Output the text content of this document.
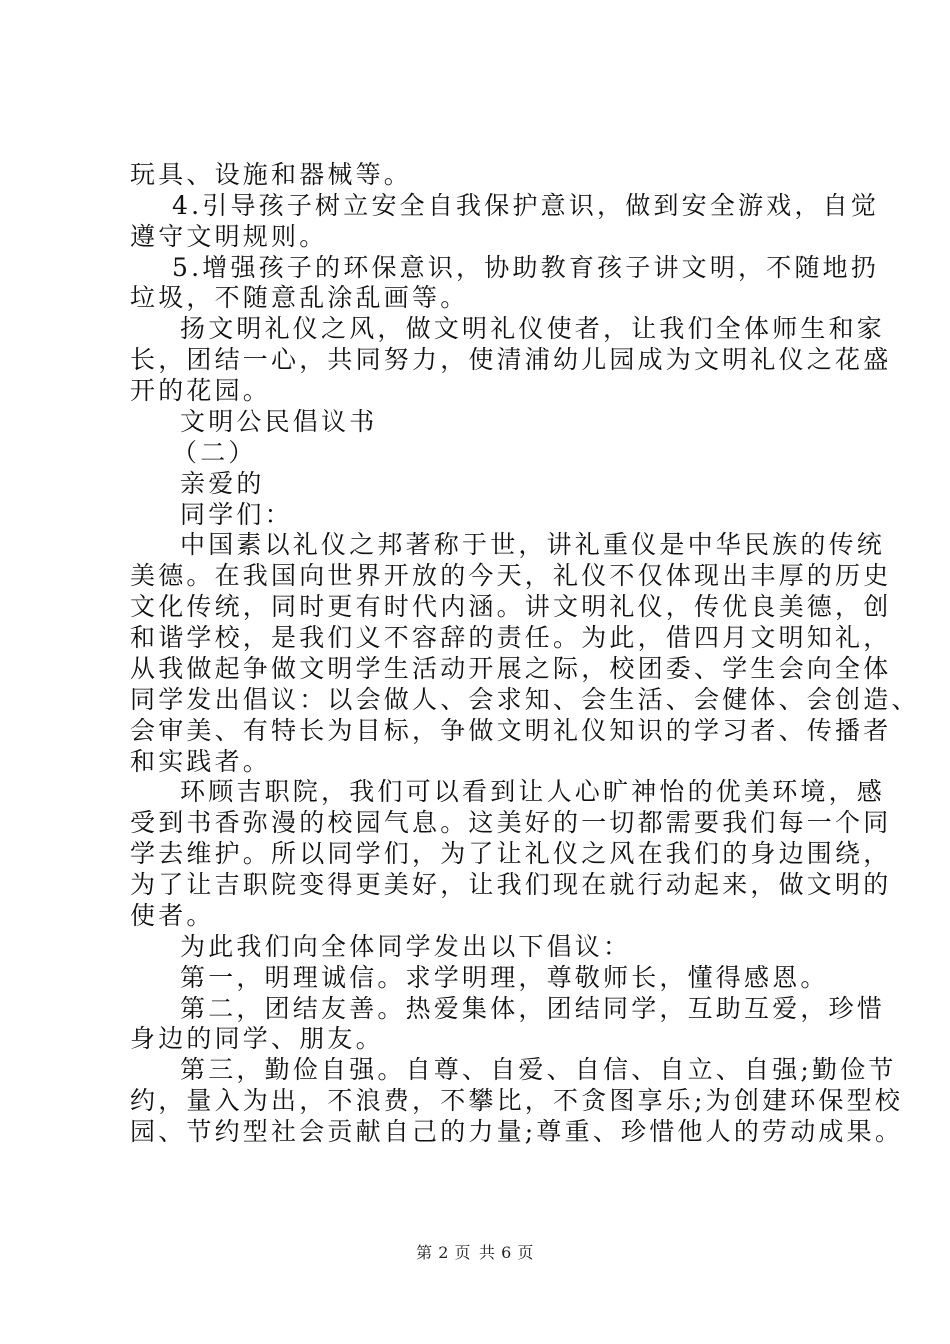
玩具、设施和器械等。
4.引导孩子树立安全自我保护意识，做到安全游戏，自觉
遵守文明规则。
5.增强孩子的环保意识，协助教育孩子讲文明，不随地扔
垃圾，不随意乱涂乱画等。
扬文明礼仪之风，做文明礼仪使者，让我们全体师生和家
长，团结一心，共同努力，使清浦幼儿园成为文明礼仪之花盛
开的花园。
文明公民倡议书
（二）
亲爱的
同学们：
中国素以礼仪之邦著称于世，讲礼重仪是中华民族的传统
美德。在我国向世界开放的今天，礼仪不仅体现出丰厚的历史
文化传统，同时更有时代内涵。讲文明礼仪，传优良美德，创
和谐学校，是我们义不容辞的责任。为此，借四月文明知礼，
从我做起争做文明学生活动开展之际，校团委、学生会向全体
同学发出倡议：以会做人、会求知、会生活、会健体、会创造、
会审美、有特长为目标，争做文明礼仪知识的学习者、传播者
和实践者。
环顾吉职院，我们可以看到让人心旷神怡的优美环境，感
受到书香弥漫的校园气息。这美好的一切都需要我们每一个同
学去维护。所以同学们，为了让礼仪之风在我们的身边围绕，
为了让吉职院变得更美好，让我们现在就行动起来，做文明的
使者。
为此我们向全体同学发出以下倡议：
第一，明理诚信。求学明理，尊敬师长，懂得感恩。
第二，团结友善。热爱集体，团结同学，互助互爱，珍惜
身边的同学、朋友。
第三，勤俭自强。自尊、自爱、自信、自立、自强;勤俭节
约，量入为出，不浪费，不攀比，不贪图享乐;为创建环保型校
园、节约型社会贡献自己的力量;尊重、珍惜他人的劳动成果。
第 2 页 共 6 页
